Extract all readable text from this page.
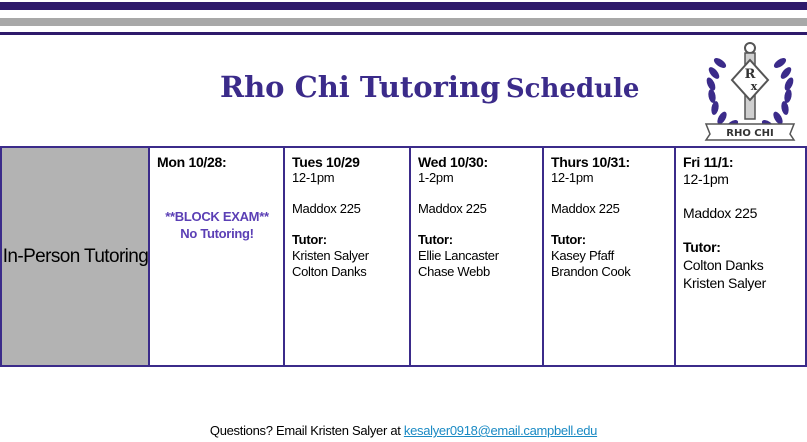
Rho Chi Tutoring Schedule	R
x
RHO CHI
In-Person Tutoring
Mon 10/28:
**BLOCK EXAM**
No Tutoring!
Tues 10/29
12-1pm
Maddox 225
Tutor:
Kristen Salyer
Colton Danks
Wed 10/30:
1-2pm
Maddox 225
Tutor:
Ellie Lancaster
Chase Webb
Thurs 10/31:
12-1pm
Maddox 225
Tutor:
Kasey Pfaff
Brandon Cook
Fri 11/1:
12-1pm
Maddox 225
Tutor:
Colton Danks
Kristen Salyer
Questions? Email Kristen Salyer at kesalyer0918@email.campbell.edu
